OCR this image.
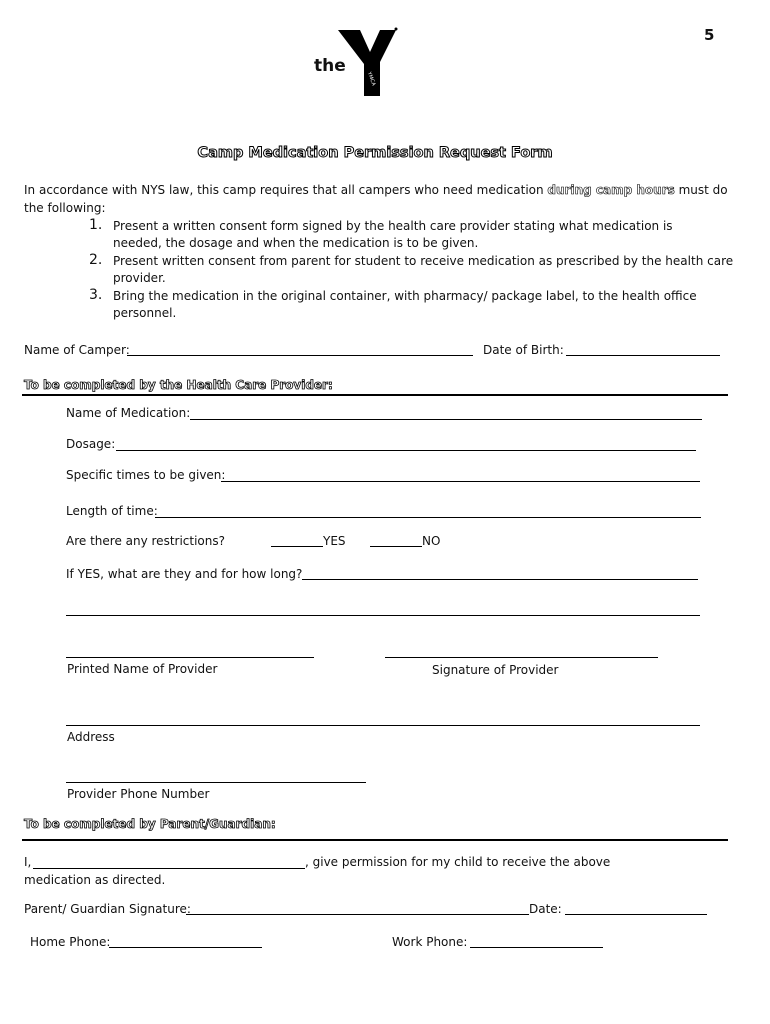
5
the
YMCA
Camp Medication Permission Request Form
In accordance with NYS law, this camp requires that all campers who need medication during camp hours must do
the following:
1. Present a written consent form signed by the health care provider stating what medication is
needed, the dosage and when the medication is to be given.
2. Present written consent from parent for student to receive medication as prescribed by the health care
provider.
3. Bring the medication in the original container, with pharmacy/ package label, to the health office
personnel.
Name of Camper:	Date of Birth:
To be completed by the Health Care Provider:
Name of Medication:
Dosage:
Specific times to be given:
Length of time:
Are there any restrictions?	YES	NO
If YES, what are they and for how long?
Printed Name of Provider	Signature of Provider
Address
Provider Phone Number
To be completed by Parent/Guardian:
I,	, give permission for my child to receive the above
medication as directed.
Parent/ Guardian Signature:	Date:
Home Phone:	Work Phone:
